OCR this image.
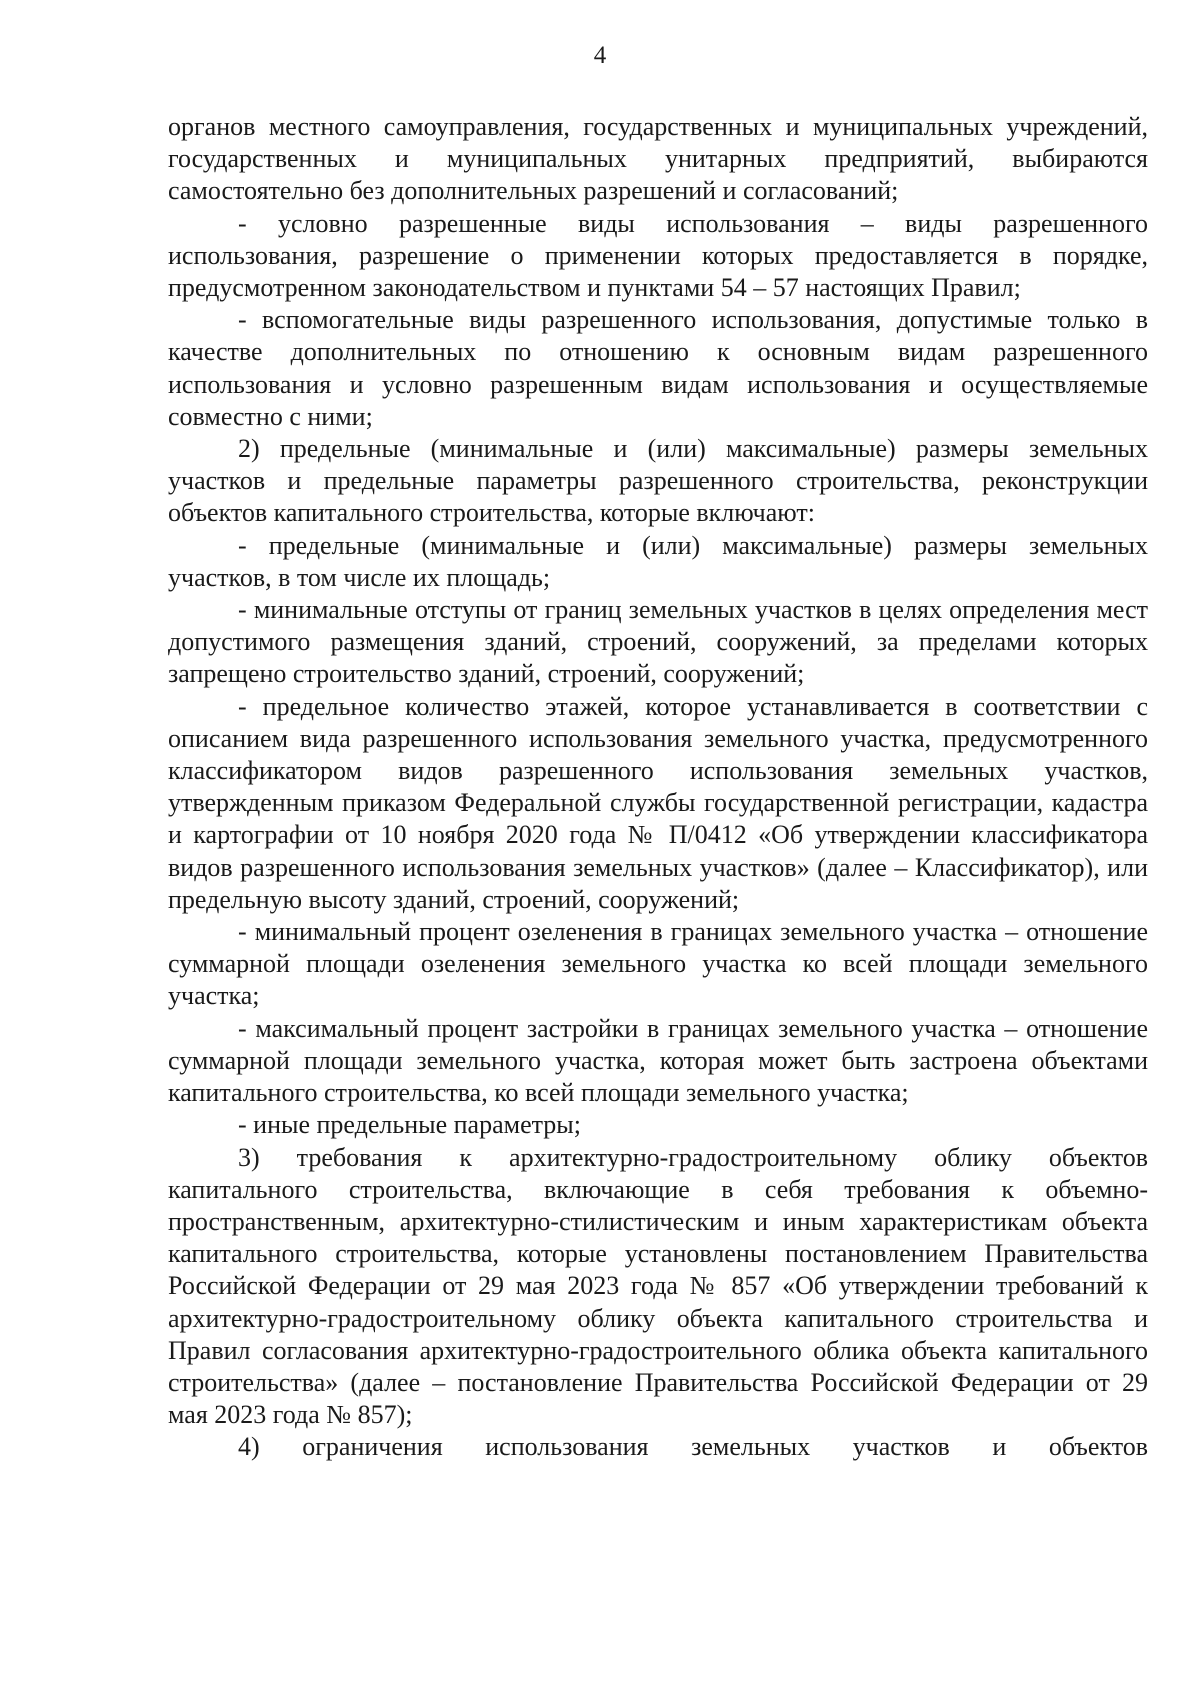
4

органов местного самоуправления, государственных и муниципальных учреждений, государственных и муниципальных унитарных предприятий, выбираются самостоятельно без дополнительных разрешений и согласований;

- условно разрешенные виды использования – виды разрешенного использования, разрешение о применении которых предоставляется в порядке, предусмотренном законодательством и пунктами 54 – 57 настоящих Правил;

- вспомогательные виды разрешенного использования, допустимые только в качестве дополнительных по отношению к основным видам разрешенного использования и условно разрешенным видам использования и осуществляемые совместно с ними;

2) предельные (минимальные и (или) максимальные) размеры земельных участков и предельные параметры разрешенного строительства, реконструкции объектов капитального строительства, которые включают:

- предельные (минимальные и (или) максимальные) размеры земельных участков, в том числе их площадь;

- минимальные отступы от границ земельных участков в целях определения мест допустимого размещения зданий, строений, сооружений, за пределами которых запрещено строительство зданий, строений, сооружений;

- предельное количество этажей, которое устанавливается в соответствии с описанием вида разрешенного использования земельного участка, предусмотренного классификатором видов разрешенного использования земельных участков, утвержденным приказом Федеральной службы государственной регистрации, кадастра и картографии от 10 ноября 2020 года № П/0412 «Об утверждении классификатора видов разрешенного использования земельных участков» (далее – Классификатор), или предельную высоту зданий, строений, сооружений;

- минимальный процент озеленения в границах земельного участка – отношение суммарной площади озеленения земельного участка ко всей площади земельного участка;

- максимальный процент застройки в границах земельного участка – отношение суммарной площади земельного участка, которая может быть застроена объектами капитального строительства, ко всей площади земельного участка;

- иные предельные параметры;

3) требования к архитектурно-градостроительному облику объектов капитального строительства, включающие в себя требования к объемно-пространственным, архитектурно-стилистическим и иным характеристикам объекта капитального строительства, которые установлены постановлением Правительства Российской Федерации от 29 мая 2023 года № 857 «Об утверждении требований к архитектурно-градостроительному облику объекта капитального строительства и Правил согласования архитектурно-градостроительного облика объекта капитального строительства» (далее – постановление Правительства Российской Федерации от 29 мая 2023 года № 857);

4) ограничения использования земельных участков и объектов
